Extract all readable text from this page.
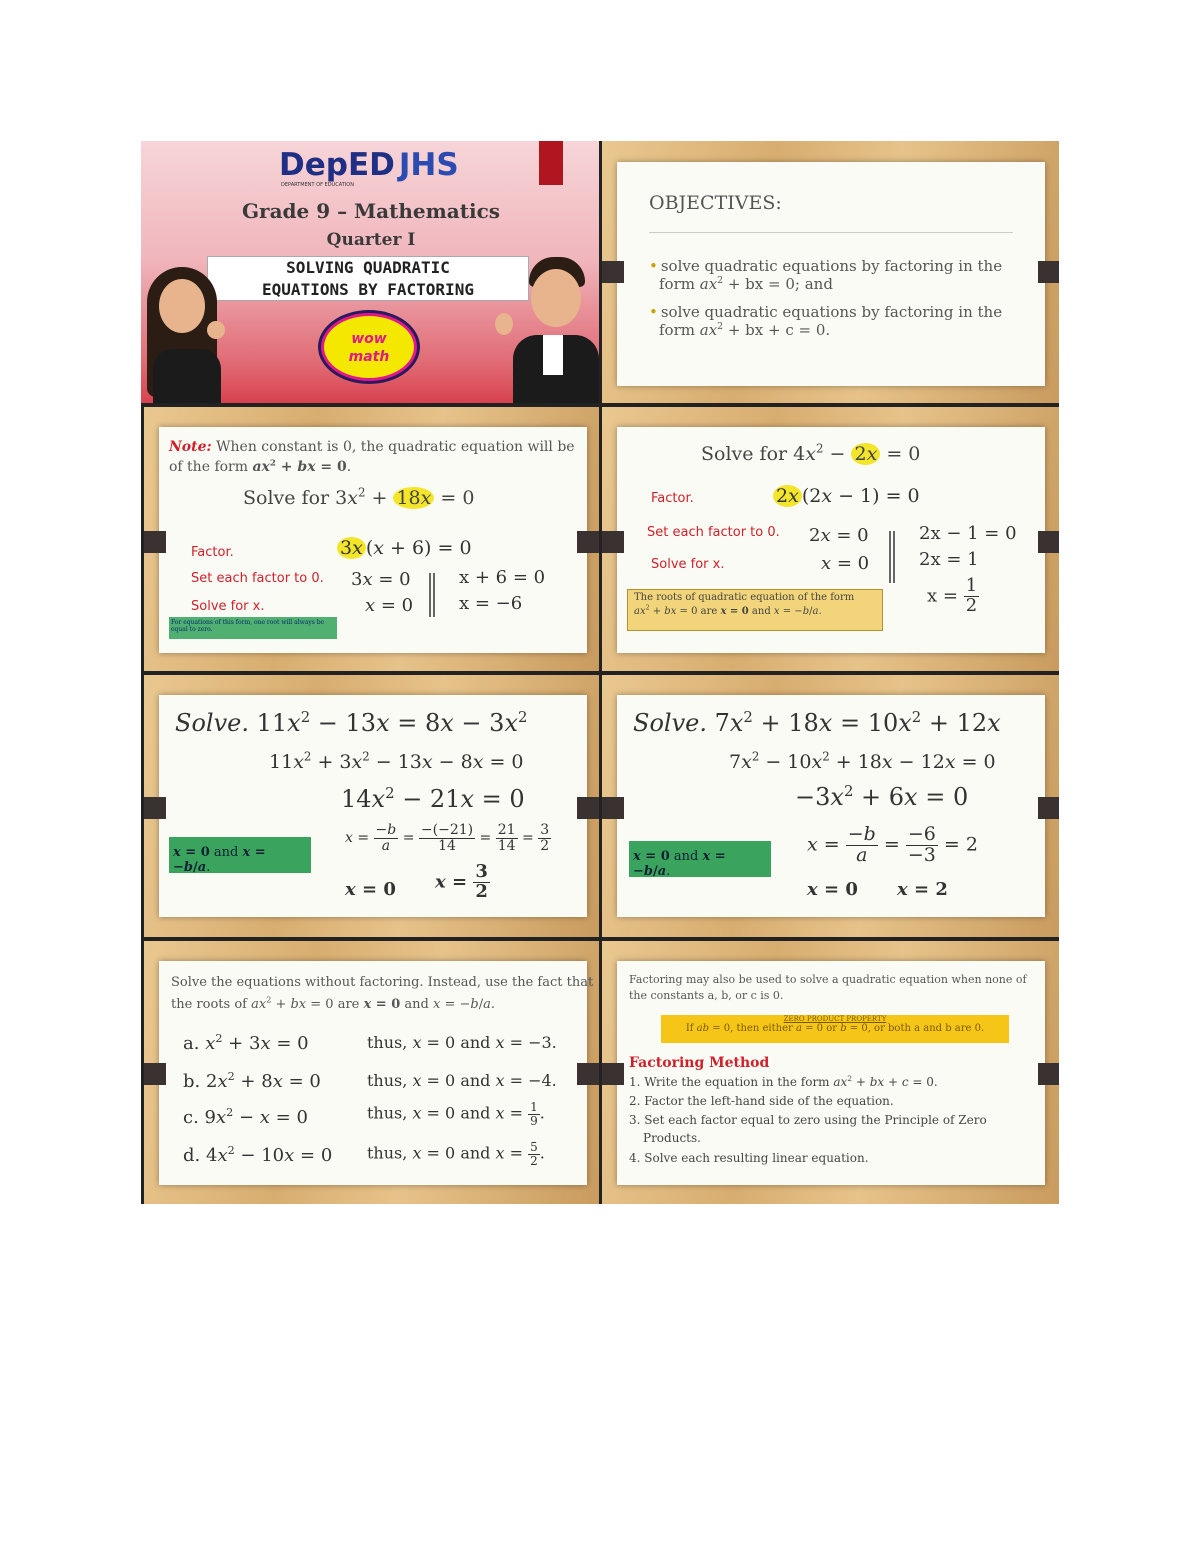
DepED JHS
DEPARTMENT OF EDUCATION
Grade 9 – Mathematics
Quarter I
SOLVING QUADRATIC
EQUATIONS BY FACTORING
wow
math
OBJECTIVES:
• solve quadratic equations by factoring in the
form $ax^2$ + bx = 0; and
• solve quadratic equations by factoring in the
form $ax^2$ + bx + c = 0.
Note: When constant is 0, the quadratic equation will be
of the form $ax^2$ + bx = 0.
Solve for $3x^2 + 18x = 0$
Factor.	3x (x + 6) = 0
Set each factor to 0. 3x = 0	x + 6 = 0
Solve for x.	x = 0	x = −6
For equations of this form, one root will always be equal to zero.
Solve for $4x^2 - 2x = 0$
Factor.	2x (2x − 1) = 0
Set each factor to 0. 2x = 0	2x − 1 = 0
Solve for x.	x = 0	2x = 1
$x = \frac{1}{2}$
The roots of quadratic equation of the form
$ax^2$ + bx = 0 are x = 0 and x = −b/a.
Solve. $11x^2 - 13x = 8x - 3x^2$
$11x^2 + 3x^2 - 13x - 8x = 0$
$14x^2 - 21x = 0$
x = 0 and x = −b/a.
$x = \frac{-b}{a} = \frac{-(-21)}{14} = \frac{21}{14} = \frac{3}{2}$
x = 0 $x = \frac{3}{2}$
Solve. $7x^2 + 18x = 10x^2 + 12x$
$7x^2 - 10x^2 + 18x - 12x = 0$
$-3x^2 + 6x = 0$
x = 0 and x = −b/a.
$x = \frac{-b}{a} = \frac{-6}{-3} = 2$
x = 0 x = 2
Solve the equations without factoring. Instead, use the fact that
the roots of $ax^2$ + bx = 0 are x = 0 and x = −b/a.
a. $x^2 + 3x = 0$	thus, x = 0 and x = −3.
b. $2x^2 + 8x = 0$	thus, x = 0 and x = −4.
c. $9x^2 - x = 0$	thus, x = 0 and $x = \frac{1}{9}$ .
d. $4x^2 - 10x = 0$ thus, x = 0 and $x = \frac{5}{2}$ .
Factoring may also be used to solve a quadratic equation when none of
the constants a, b, or c is 0.
ZERO PRODUCT PROPERTY
If ab = 0, then either a = 0 or b = 0, or both a and b are 0.
Factoring Method
1. Write the equation in the form $ax^2$ + bx + c = 0.
2. Factor the left-hand side of the equation.
3. Set each factor equal to zero using the Principle of Zero
Products.
4. Solve each resulting linear equation.
